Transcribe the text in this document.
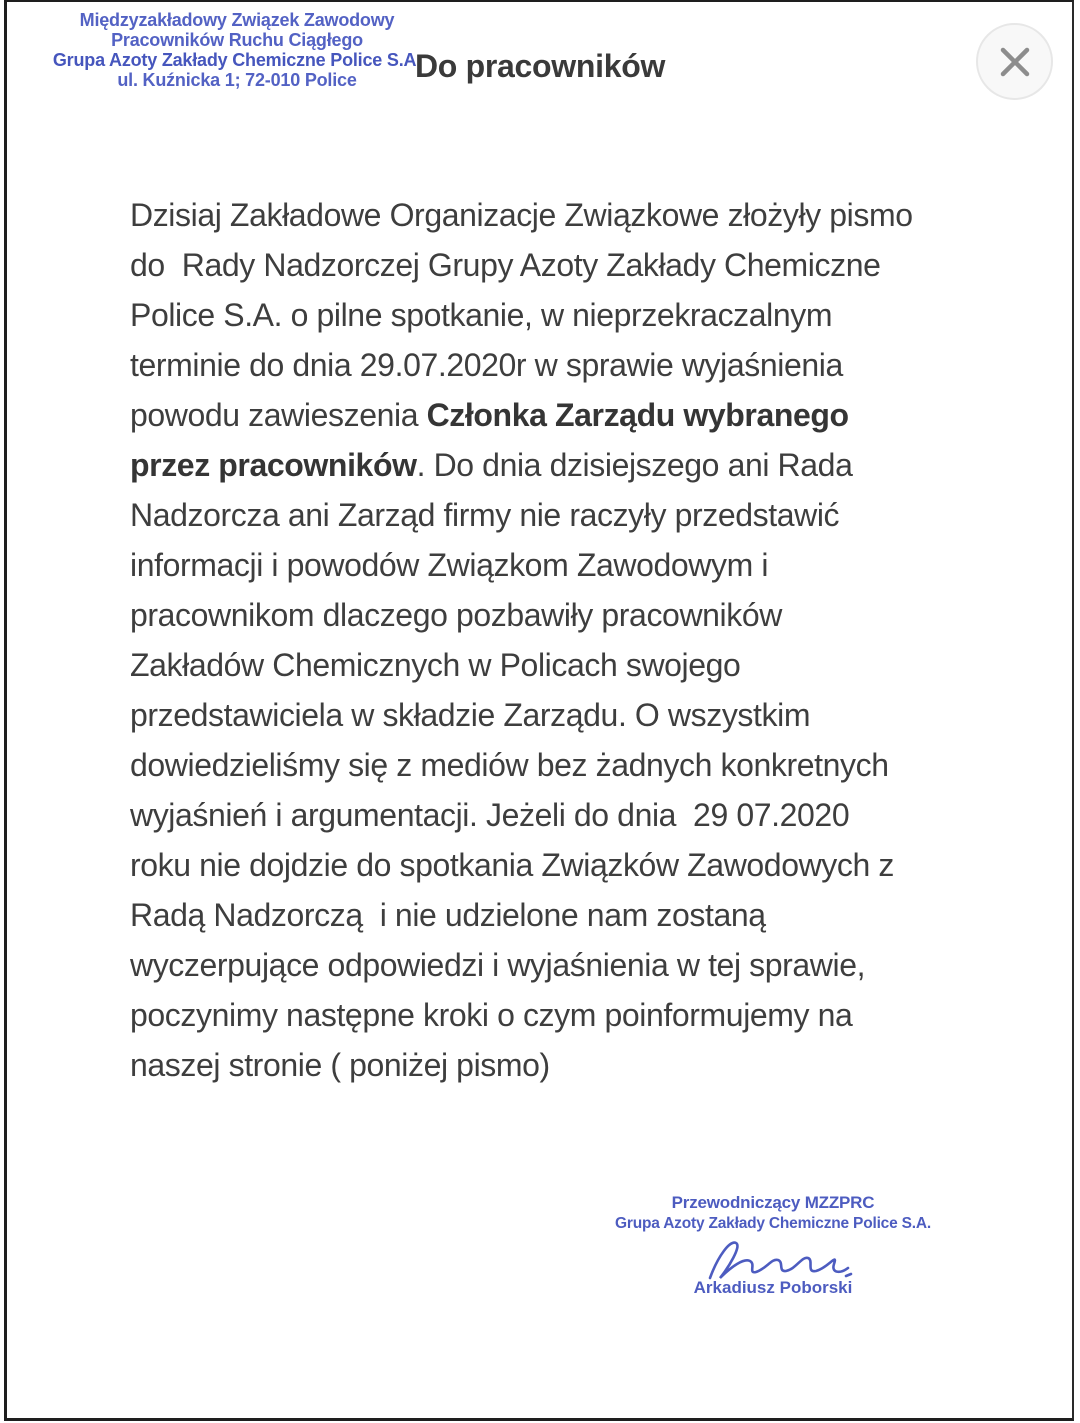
Międzyzakładowy Związek Zawodowy
Pracowników Ruchu Ciągłego
Grupa Azoty Zakłady Chemiczne Police S.A.
ul. Kuźnicka 1; 72-010 Police	Do pracowników
Dzisiaj Zakładowe Organizacje Związkowe złożyły pismo
do  Rady Nadzorczej Grupy Azoty Zakłady Chemiczne
Police S.A. o pilne spotkanie, w nieprzekraczalnym
terminie do dnia 29.07.2020r w sprawie wyjaśnienia
powodu zawieszenia Członka Zarządu wybranego
przez pracowników. Do dnia dzisiejszego ani Rada
Nadzorcza ani Zarząd firmy nie raczyły przedstawić
informacji i powodów Związkom Zawodowym i
pracownikom dlaczego pozbawiły pracowników
Zakładów Chemicznych w Policach swojego
przedstawiciela w składzie Zarządu. O wszystkim
dowiedzieliśmy się z mediów bez żadnych konkretnych
wyjaśnień i argumentacji. Jeżeli do dnia  29 07.2020
roku nie dojdzie do spotkania Związków Zawodowych z
Radą Nadzorczą  i nie udzielone nam zostaną
wyczerpujące odpowiedzi i wyjaśnienia w tej sprawie,
poczynimy następne kroki o czym poinformujemy na
naszej stronie ( poniżej pismo)
Przewodniczący MZZPRC
Grupa Azoty Zakłady Chemiczne Police S.A.
Arkadiusz Poborski
